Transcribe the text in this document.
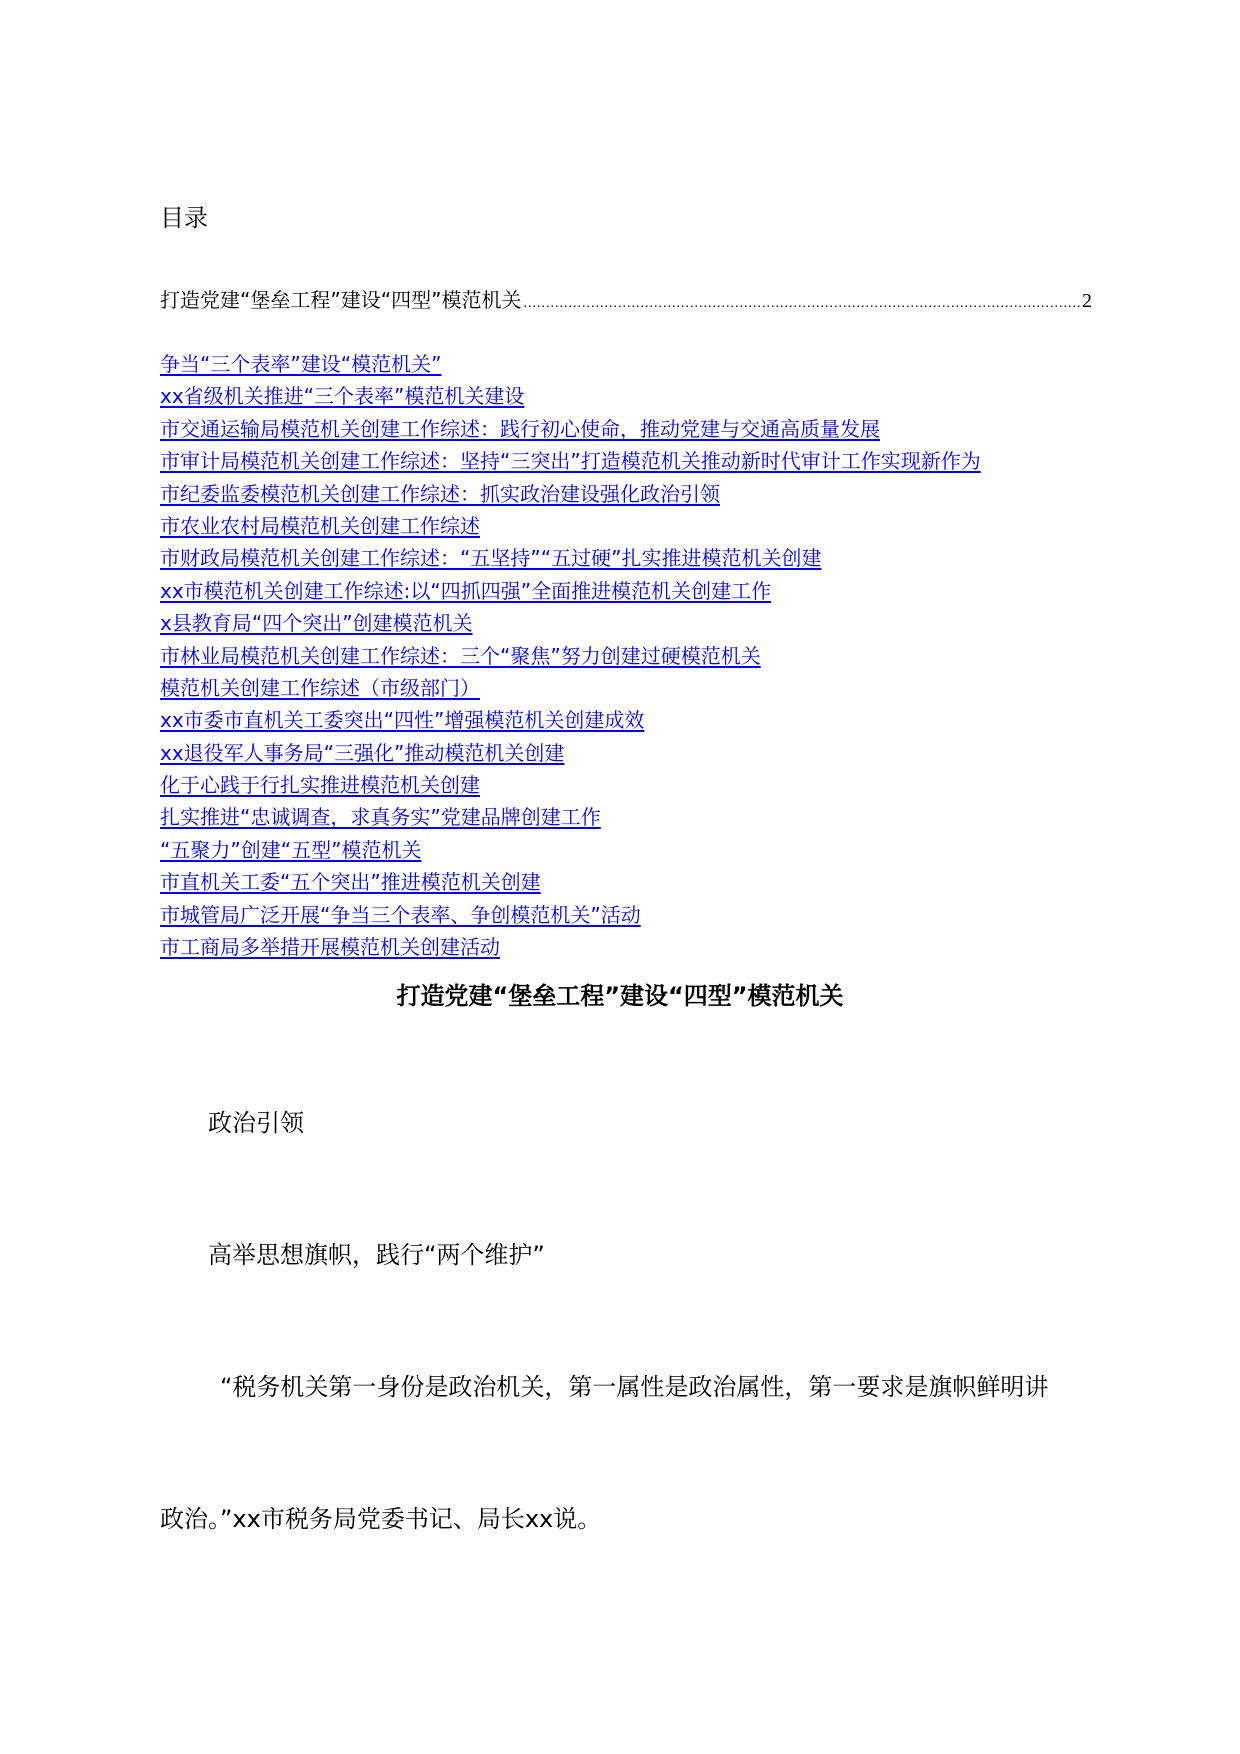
目录
打造党建“堡垒工程”建设“四型”模范机关
.....	2
争当“三个表率”建设“模范机关”
xx省级机关推进“三个表率”模范机关建设
市交通运输局模范机关创建工作综述：践行初心使命，推动党建与交通高质量发展
市审计局模范机关创建工作综述：坚持“三突出”打造模范机关推动新时代审计工作实现新作为
市纪委监委模范机关创建工作综述：抓实政治建设强化政治引领
市农业农村局模范机关创建工作综述
市财政局模范机关创建工作综述：“五坚持”“五过硬”扎实推进模范机关创建
xx市模范机关创建工作综述:以“四抓四强”全面推进模范机关创建工作
x县教育局“四个突出”创建模范机关
市林业局模范机关创建工作综述：三个“聚焦”努力创建过硬模范机关
模范机关创建工作综述（市级部门）
xx市委市直机关工委突出“四性”增强模范机关创建成效
xx退役军人事务局“三强化”推动模范机关创建
化于心践于行扎实推进模范机关创建
扎实推进“忠诚调查，求真务实”党建品牌创建工作
“五聚力”创建“五型”模范机关
市直机关工委“五个突出”推进模范机关创建
市城管局广泛开展“争当三个表率、争创模范机关”活动
市工商局多举措开展模范机关创建活动
打造党建“堡垒工程”建设“四型”模范机关

政治引领

高举思想旗帜，践行“两个维护”

“税务机关第一身份是政治机关，第一属性是政治属性，第一要求是旗帜鲜明讲

政治。”xx市税务局党委书记、局长xx说。
